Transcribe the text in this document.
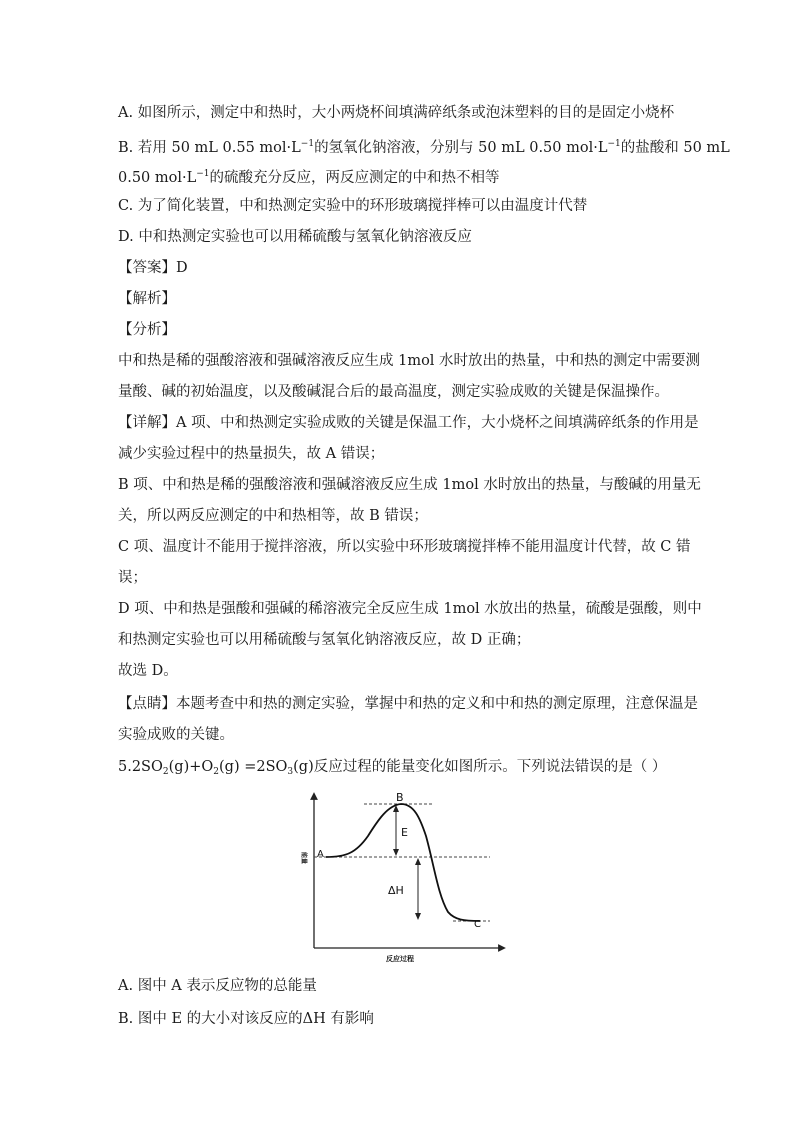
A. 如图所示，测定中和热时，大小两烧杯间填满碎纸条或泡沫塑料的目的是固定小烧杯
B. 若用 50 mL 0.55 $mol\cdot L^{-1}$的氢氧化钠溶液，分别与 50 mL 0.50 $mol\cdot L^{-1}$的盐酸和 50 mL
0.50 $mol\cdot L^{-1}$的硫酸充分反应，两反应测定的中和热不相等
C. 为了简化装置，中和热测定实验中的环形玻璃搅拌棒可以由温度计代替
D. 中和热测定实验也可以用稀硫酸与氢氧化钠溶液反应
【答案】D
【解析】
【分析】
中和热是稀的强酸溶液和强碱溶液反应生成 1mol 水时放出的热量，中和热的测定中需要测
量酸、碱的初始温度，以及酸碱混合后的最高温度，测定实验成败的关键是保温操作。
【详解】A 项、中和热测定实验成败的关键是保温工作，大小烧杯之间填满碎纸条的作用是
减少实验过程中的热量损失，故 A 错误；
B 项、中和热是稀的强酸溶液和强碱溶液反应生成 1mol 水时放出的热量，与酸碱的用量无
关，所以两反应测定的中和热相等，故 B 错误；
C 项、温度计不能用于搅拌溶液，所以实验中环形玻璃搅拌棒不能用温度计代替，故 C 错
误；
D 项、中和热是强酸和强碱的稀溶液完全反应生成 1mol 水放出的热量，硫酸是强酸，则中
和热测定实验也可以用稀硫酸与氢氧化钠溶液反应，故 D 正确；
故选 D。
【点睛】本题考查中和热的测定实验，掌握中和热的定义和中和热的测定原理，注意保温是
实验成败的关键。
$5.2SO_2(g)+O_2(g) =2SO_3(g)$反应过程的能量变化如图所示。下列说法错误的是（ ）
B
A
C
E
ΔH
能量
反应过程
A. 图中 A 表示反应物的总能量
B. 图中 E 的大小对该反应的ΔH 有影响
